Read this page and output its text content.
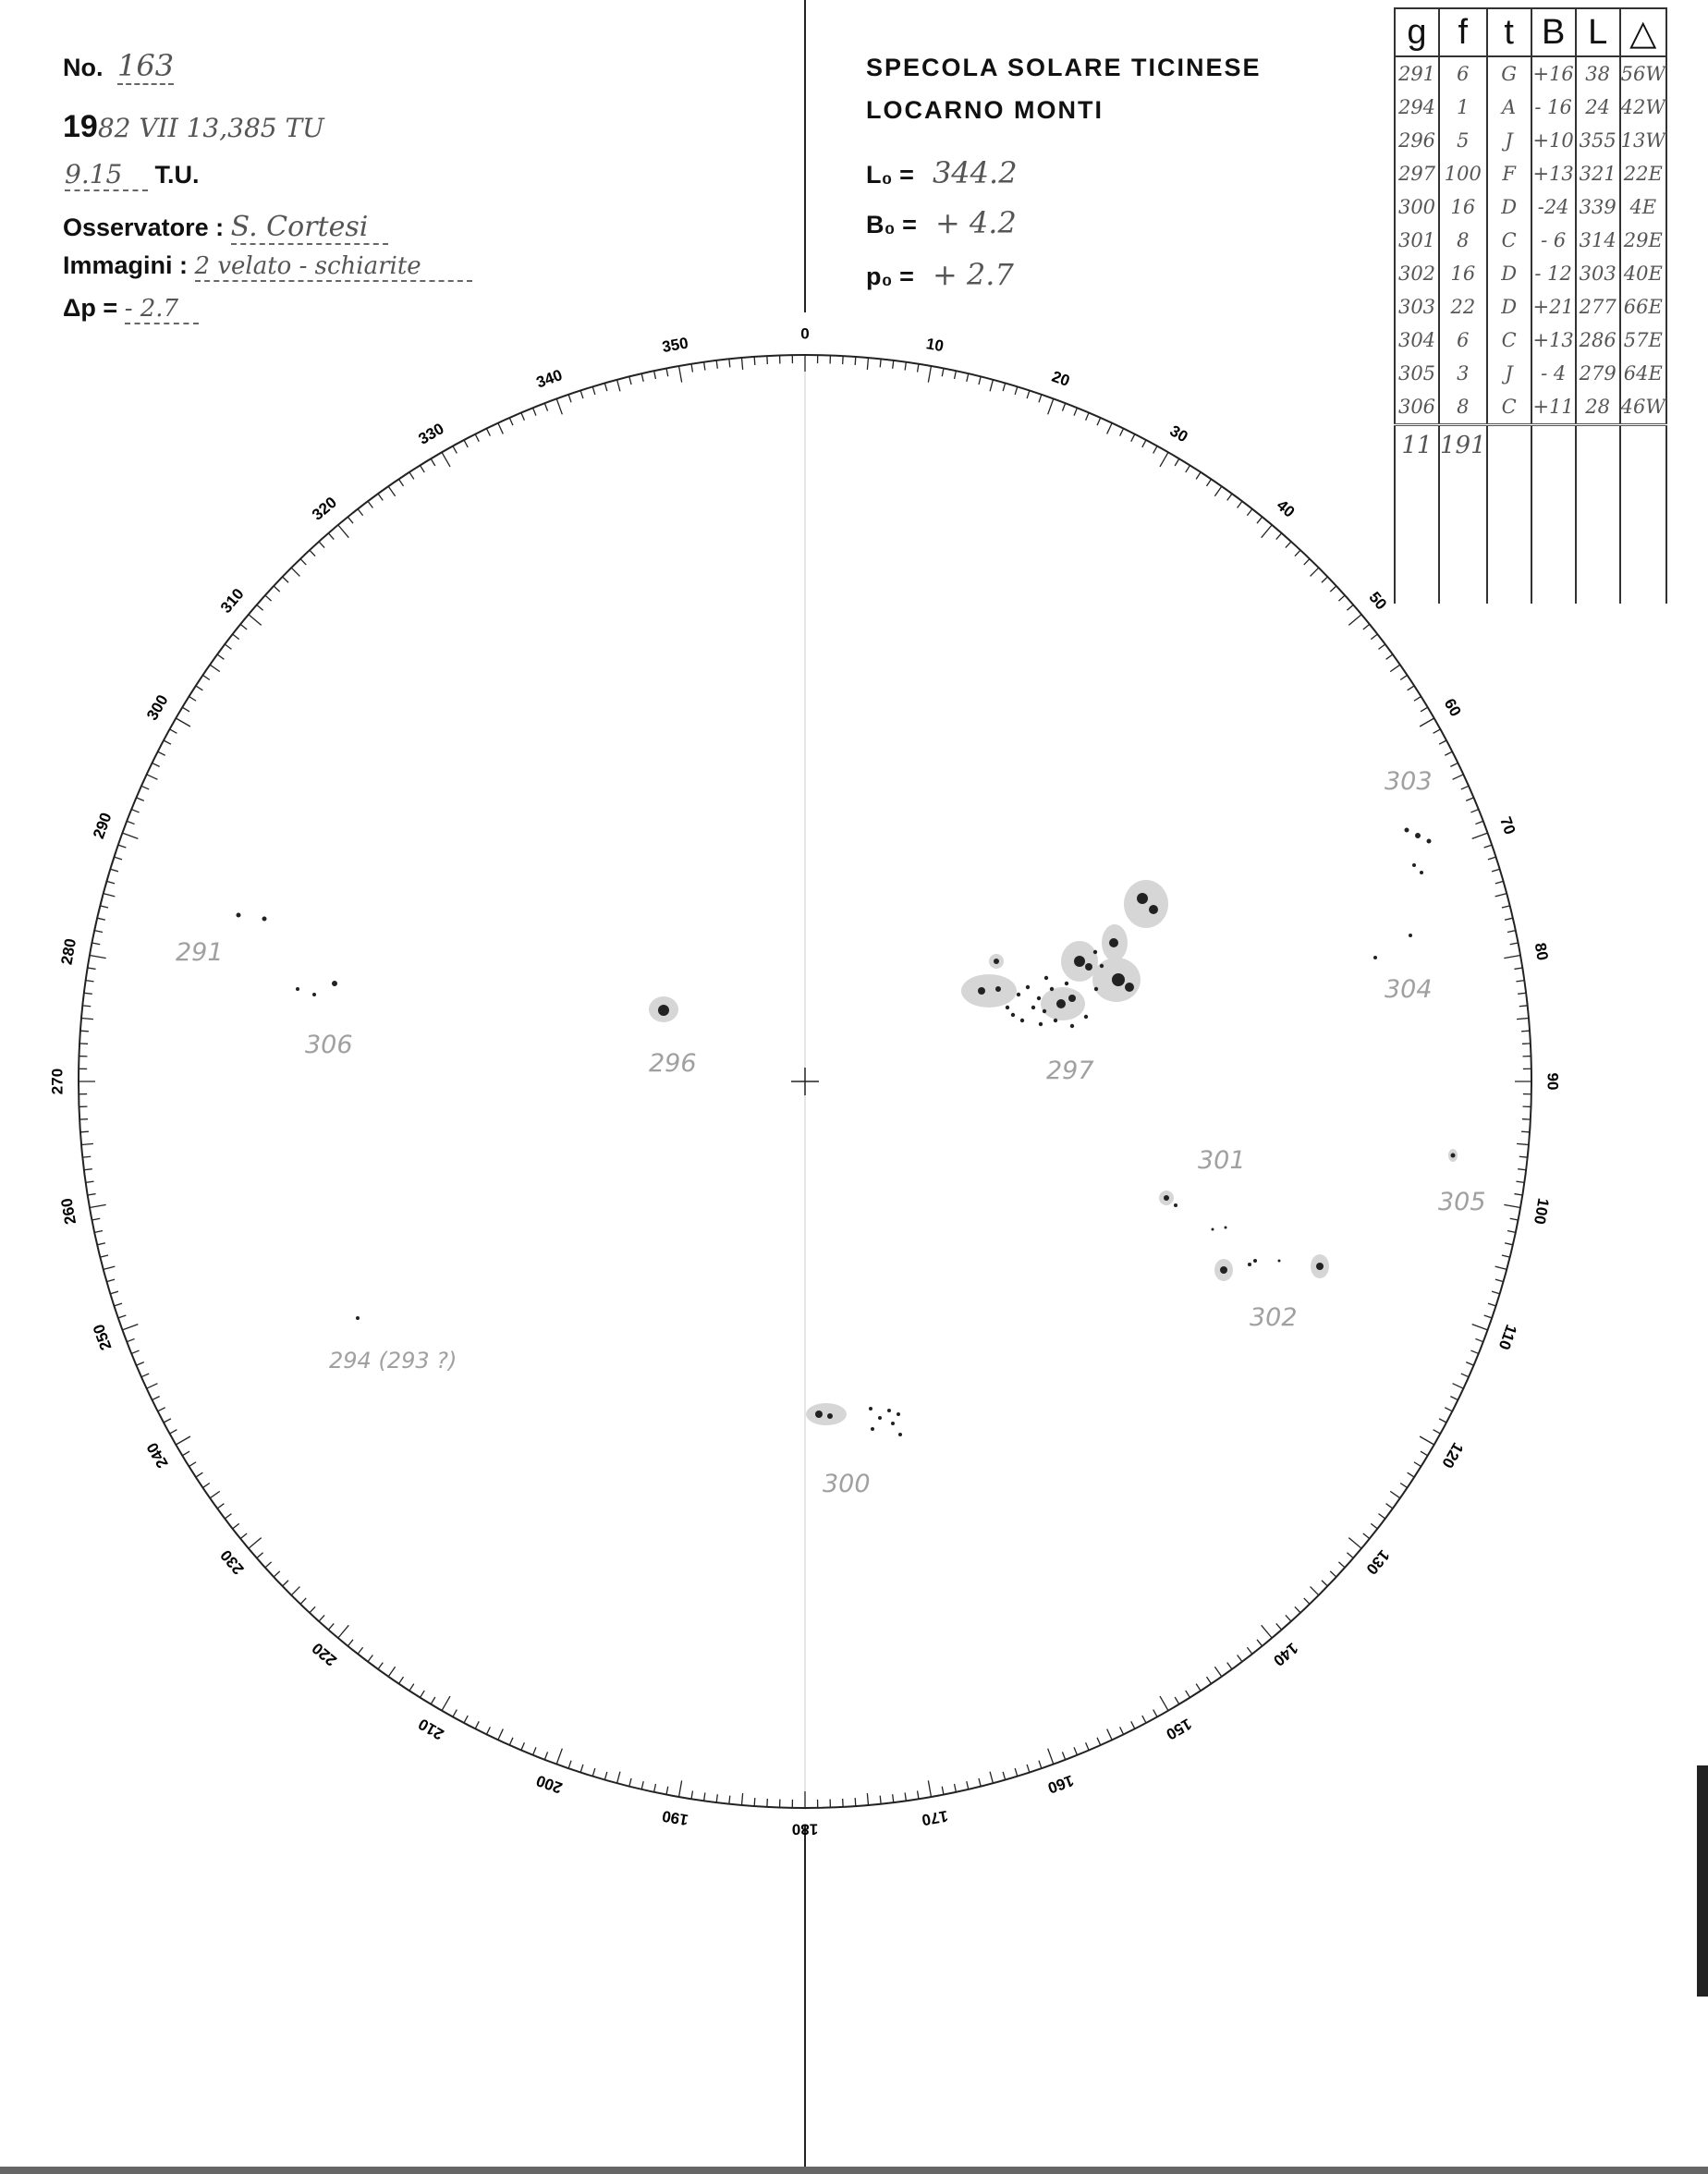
No. 163
1982 VII 13,385 TU
9.15 T.U.
Osservatore : S. Cortesi
Immagini : 2 velato - schiarite
Δp = - 2.7
SPECOLA SOLARE TICINESE
LOCARNO MONTI
L₀ = 344.2
B₀ = + 4.2
p₀ = + 2.7
g	f	t	B	L	△
291	6	G	+16	38	56W
294	1	A	- 16	24	42W
296	5	J	+10	355	13W
297	100	F	+13	321	22E
300	16	D	-24	339	4E
301	8	C	- 6	314	29E
302	16	D	- 12	303	40E
303	22	D	+21	277	66E
304	6	C	+13	286	57E
305	3	J	- 4	279	64E
306	8	C	+11	28	46W
11	191				

0
10
20
30
40
50
60
70
80
90
100
110
120
130
140
150
160
170
180
190
200
210
220
230
240
250
260
270
280
290
300
310
320
330
340
350
291
306
296	297
303
304
301
305
302
294 (293 ?)
300
